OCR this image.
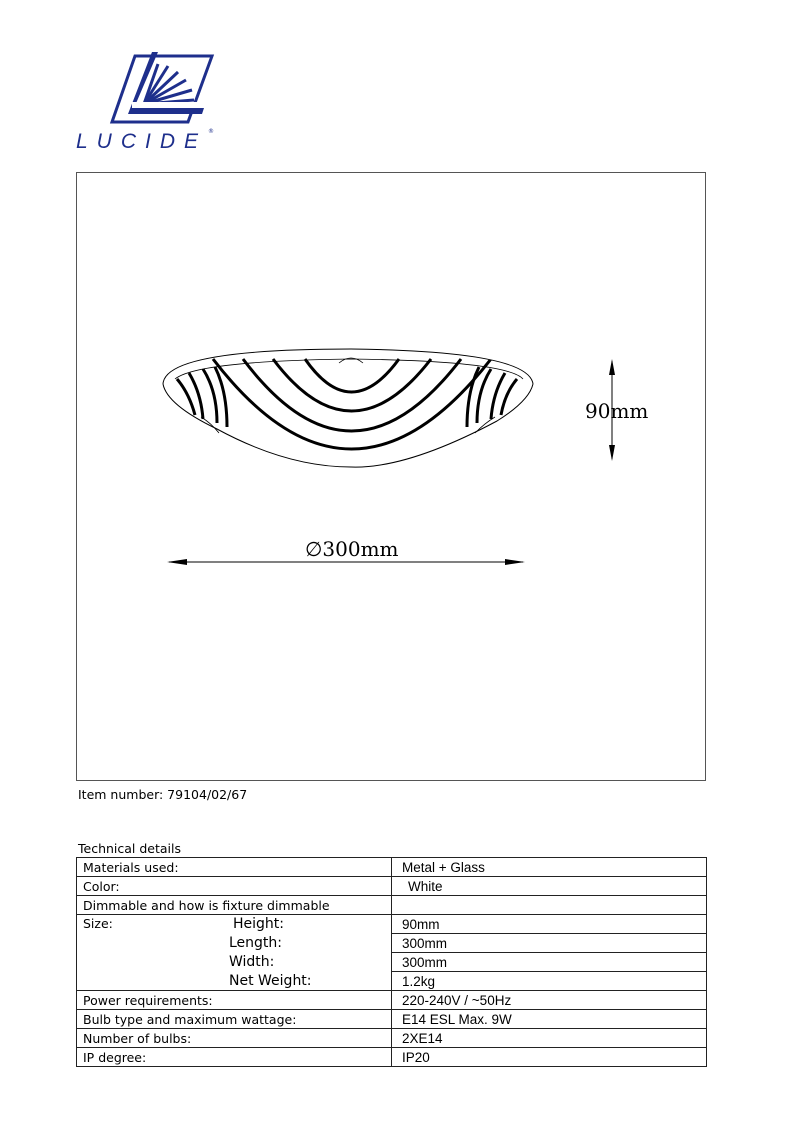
LUCIDE ®
90mm
∅300mm
Item number: 79104/02/67
Technical details
Materials used:	Metal + Glass
Color:	White
Dimmable and how is fixture dimmable	
Size: Height:	90mm
Length:	300mm
Width:	300mm
Net Weight:	1.2kg
Power requirements:	220-240V / ~50Hz
Bulb type and maximum wattage:	E14 ESL Max. 9W
Number of bulbs:	2XE14
IP degree:	IP20
